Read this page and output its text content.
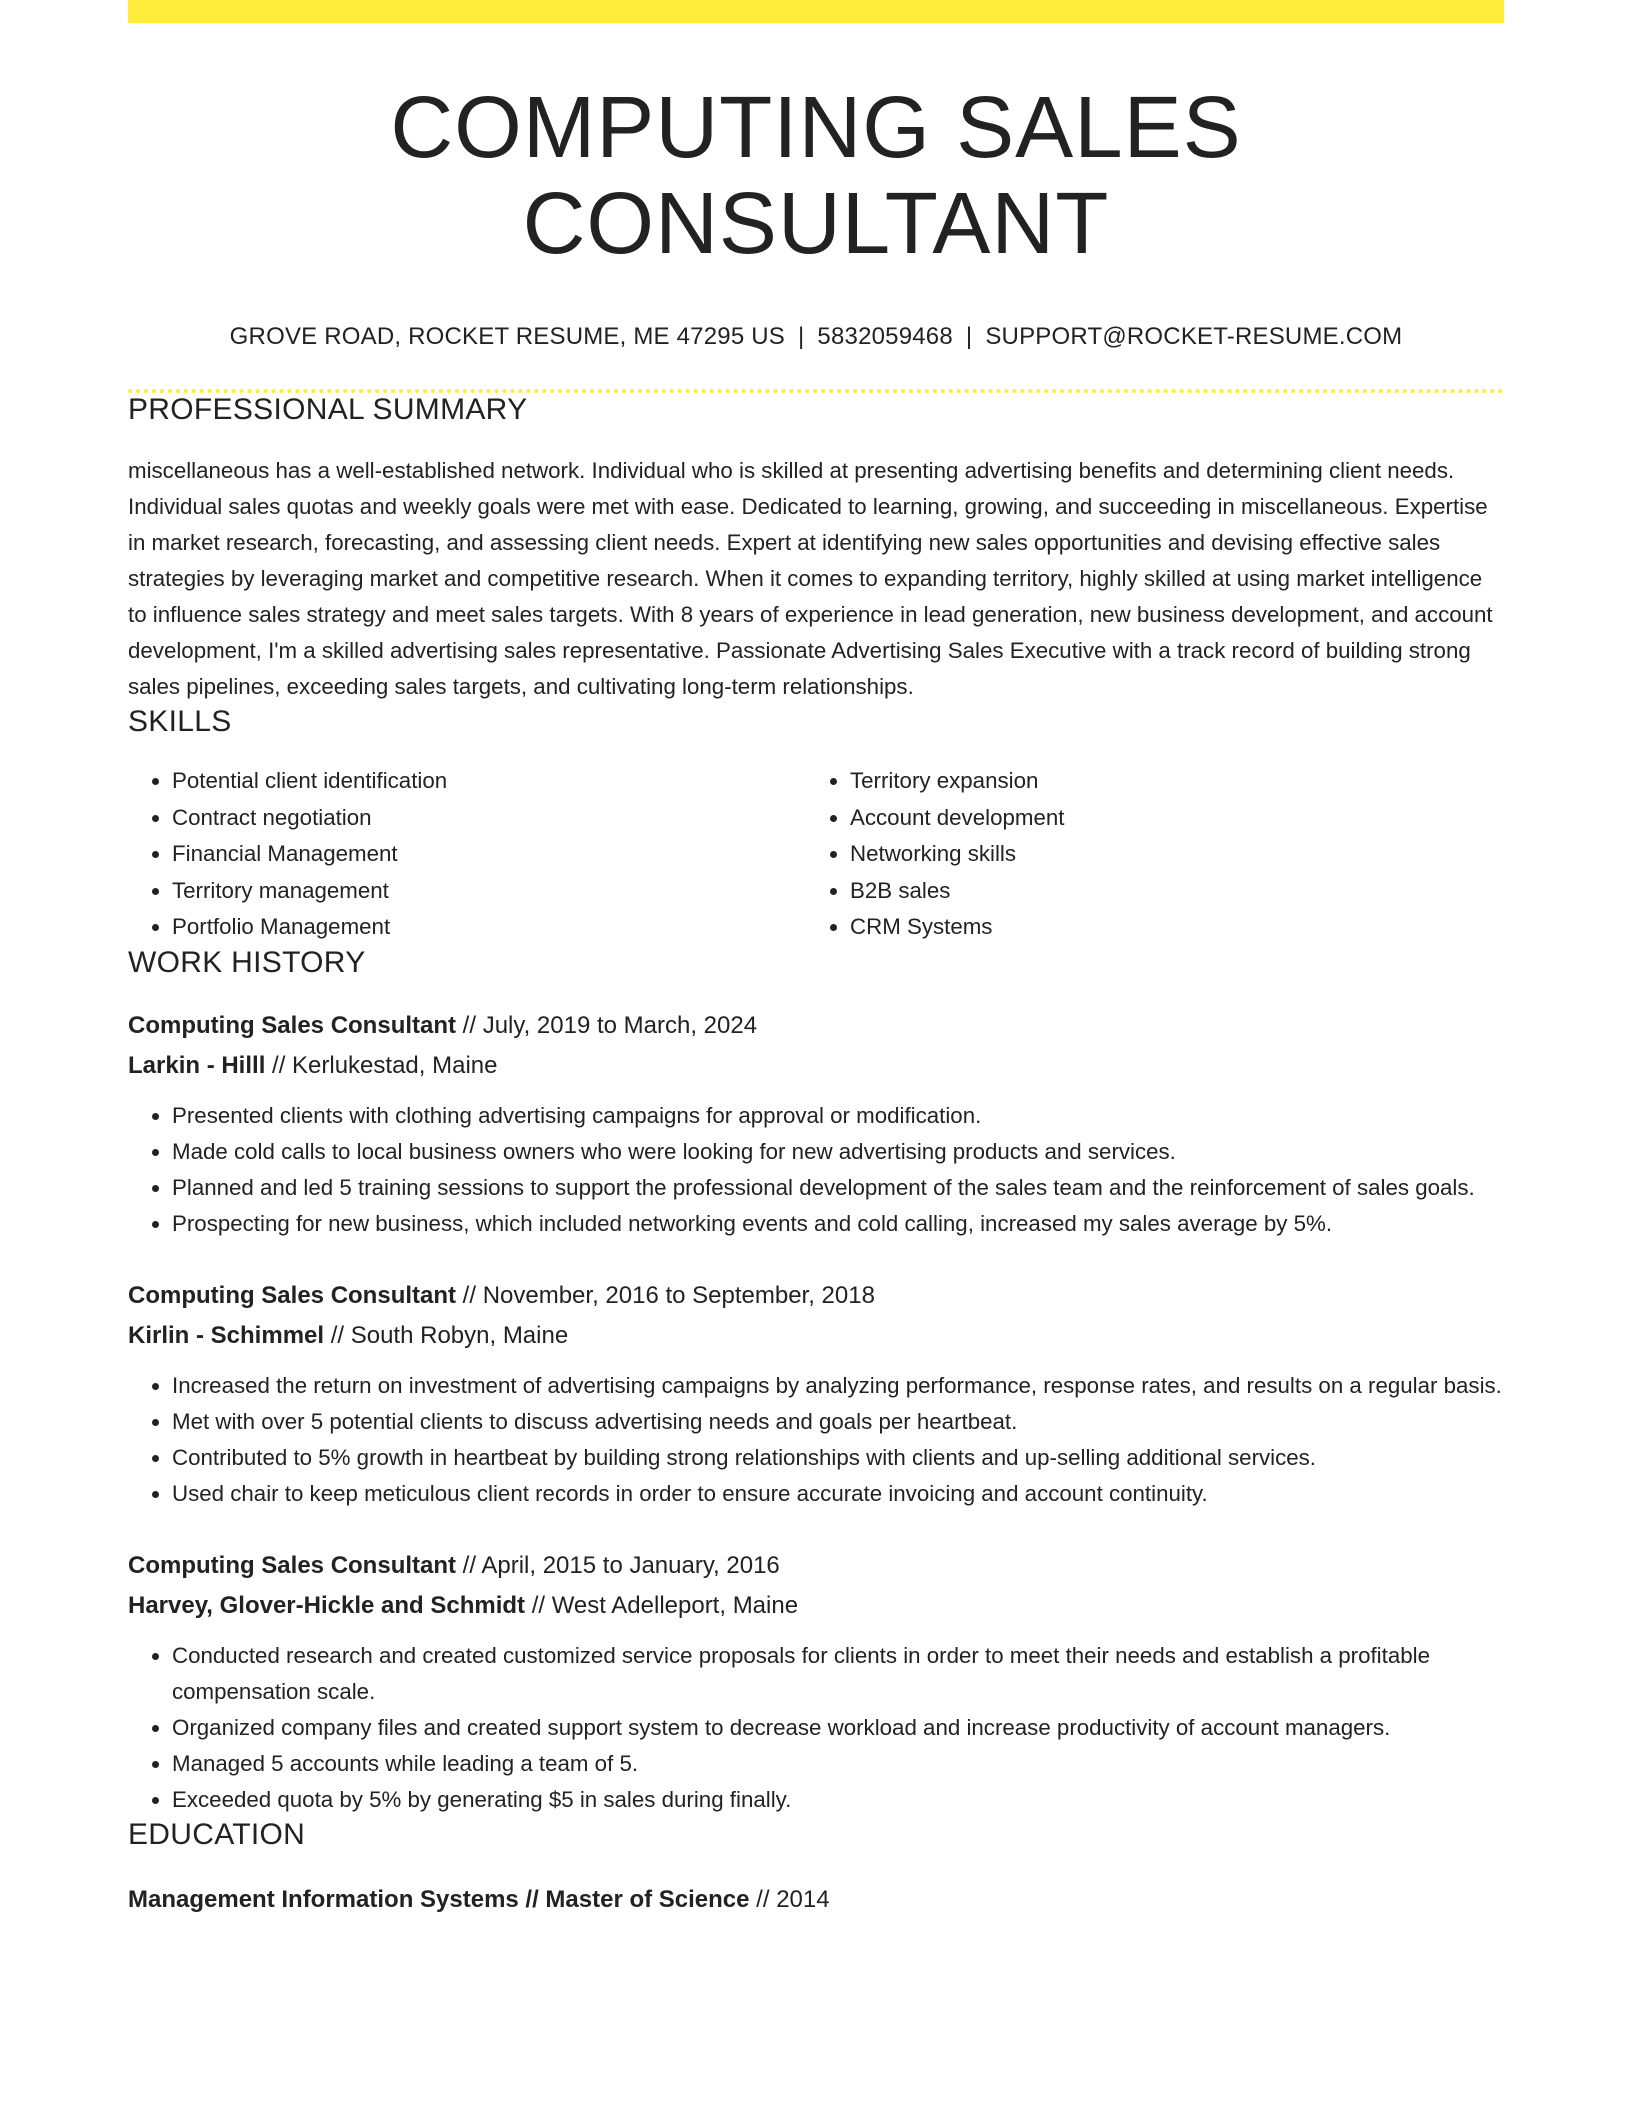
COMPUTING SALES CONSULTANT
GROVE ROAD, ROCKET RESUME, ME 47295 US | 5832059468 | SUPPORT@ROCKET-RESUME.COM
PROFESSIONAL SUMMARY

miscellaneous has a well-established network. Individual who is skilled at presenting advertising benefits and determining client needs. Individual sales quotas and weekly goals were met with ease. Dedicated to learning, growing, and succeeding in miscellaneous. Expertise in market research, forecasting, and assessing client needs. Expert at identifying new sales opportunities and devising effective sales strategies by leveraging market and competitive research. When it comes to expanding territory, highly skilled at using market intelligence to influence sales strategy and meet sales targets. With 8 years of experience in lead generation, new business development, and account development, I'm a skilled advertising sales representative. Passionate Advertising Sales Executive with a track record of building strong sales pipelines, exceeding sales targets, and cultivating long-term relationships.

SKILLS
• Potential client identification
• Contract negotiation
• Financial Management
• Territory management
• Portfolio Management
• Territory expansion
• Account development
• Networking skills
• B2B sales
• CRM Systems
WORK HISTORY
Computing Sales Consultant // July, 2019 to March, 2024
Larkin - Hilll // Kerlukestad, Maine
• Presented clients with clothing advertising campaigns for approval or modification.
• Made cold calls to local business owners who were looking for new advertising products and services.
• Planned and led 5 training sessions to support the professional development of the sales team and the reinforcement of sales goals.
• Prospecting for new business, which included networking events and cold calling, increased my sales average by 5%.
Computing Sales Consultant // November, 2016 to September, 2018
Kirlin - Schimmel // South Robyn, Maine
• Increased the return on investment of advertising campaigns by analyzing performance, response rates, and results on a regular basis.
• Met with over 5 potential clients to discuss advertising needs and goals per heartbeat.
• Contributed to 5% growth in heartbeat by building strong relationships with clients and up-selling additional services.
• Used chair to keep meticulous client records in order to ensure accurate invoicing and account continuity.
Computing Sales Consultant // April, 2015 to January, 2016
Harvey, Glover-Hickle and Schmidt // West Adelleport, Maine
• Conducted research and created customized service proposals for clients in order to meet their needs and establish a profitable compensation scale.
• Organized company files and created support system to decrease workload and increase productivity of account managers.
• Managed 5 accounts while leading a team of 5.
• Exceeded quota by 5% by generating $5 in sales during finally.
EDUCATION
Management Information Systems // Master of Science // 2014
